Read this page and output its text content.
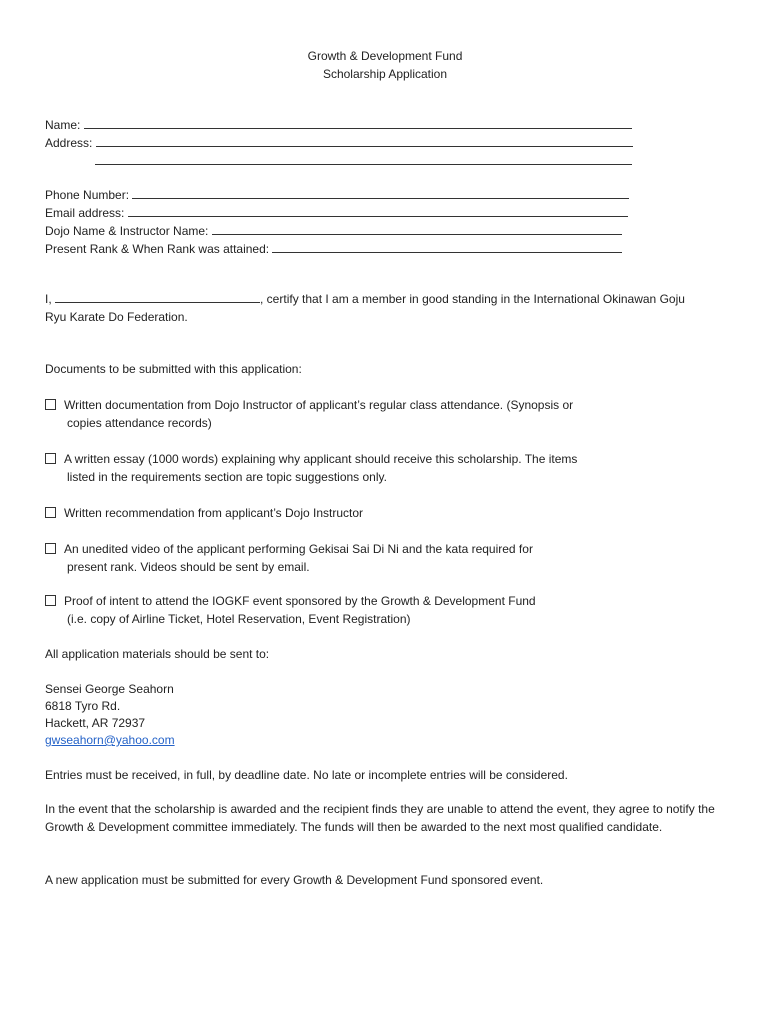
Growth & Development Fund
Scholarship Application
Name:
Address:
Phone Number:
Email address:
Dojo Name & Instructor Name:
Present Rank & When Rank was attained:
I,	, certify that I am a member in good standing in the International Okinawan Goju
Ryu Karate Do Federation.
Documents to be submitted with this application:
Written documentation from Dojo Instructor of applicant’s regular class attendance. (Synopsis or
copies attendance records)
A written essay (1000 words) explaining why applicant should receive this scholarship. The items
listed in the requirements section are topic suggestions only.
Written recommendation from applicant’s Dojo Instructor
An unedited video of the applicant performing Gekisai Sai Di Ni and the kata required for
present rank. Videos should be sent by email.
Proof of intent to attend the IOGKF event sponsored by the Growth & Development Fund
(i.e. copy of Airline Ticket, Hotel Reservation, Event Registration)
All application materials should be sent to:
Sensei George Seahorn
6818 Tyro Rd.
Hackett, AR 72937
gwseahorn@yahoo.com
Entries must be received, in full, by deadline date. No late or incomplete entries will be considered.
In the event that the scholarship is awarded and the recipient finds they are unable to attend the event, they agree to notify the Growth & Development committee immediately. The funds will then be awarded to the next most qualified candidate.
A new application must be submitted for every Growth & Development Fund sponsored event.
